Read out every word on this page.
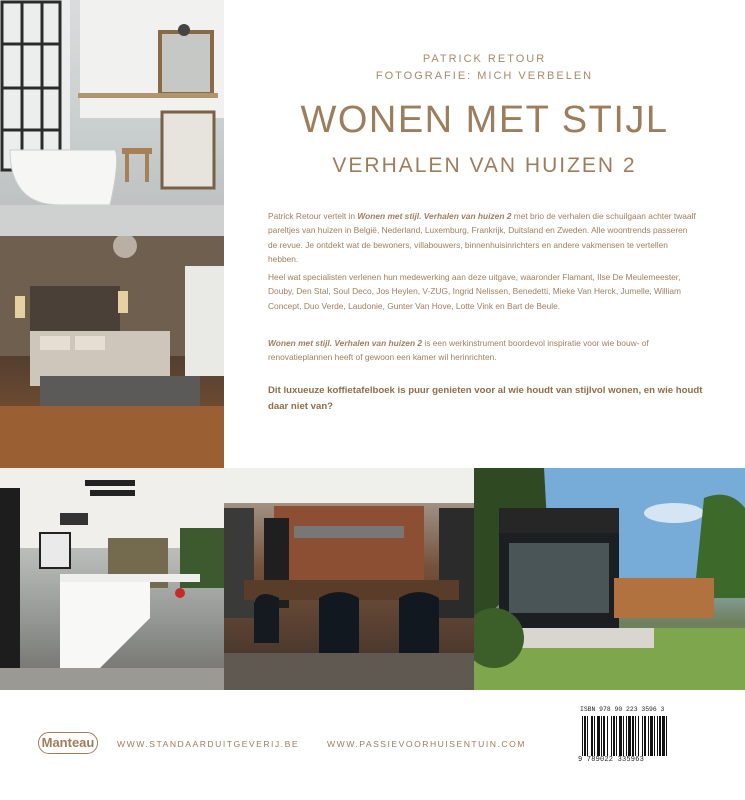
PATRICK RETOUR
FOTOGRAFIE: MICH VERBELEN
WONEN MET STIJL
VERHALEN VAN HUIZEN 2

Patrick Retour vertelt in Wonen met stijl. Verhalen van huizen 2 met brio de verhalen die schuilgaan achter twaalf pareltjes van huizen in België, Nederland, Luxemburg, Frankrijk, Duitsland en Zweden. Alle woontrends passeren de revue. Je ontdekt wat de bewoners, villabouwers, binnenhuisinrichters en andere vakmensen te vertellen hebben.

Heel wat specialisten verlenen hun medewerking aan deze uitgave, waaronder Flamant, Ilse De Meulemeester, Douby, Den Stal, Soul Deco, Jos Heylen, V-ZUG, Ingrid Nelissen, Benedetti, Mieke Van Herck, Jumelle, William Concept, Duo Verde, Laudonie, Gunter Van Hove, Lotte Vink en Bart de Beule.

Wonen met stijl. Verhalen van huizen 2 is een werkinstrument boordevol inspiratie voor wie bouw- of renovatieplannen heeft of gewoon een kamer wil herinrichten.

Dit luxueuze koffietafelboek is puur genieten voor al wie houdt van stijlvol wonen, en wie houdt daar niet van?

Manteau	WWW.STANDAARDUITGEVERIJ.BE	WWW.PASSIEVOORHUISENTUIN.COM
ISBN 978 90 223 3596 3
9 789022 335963
